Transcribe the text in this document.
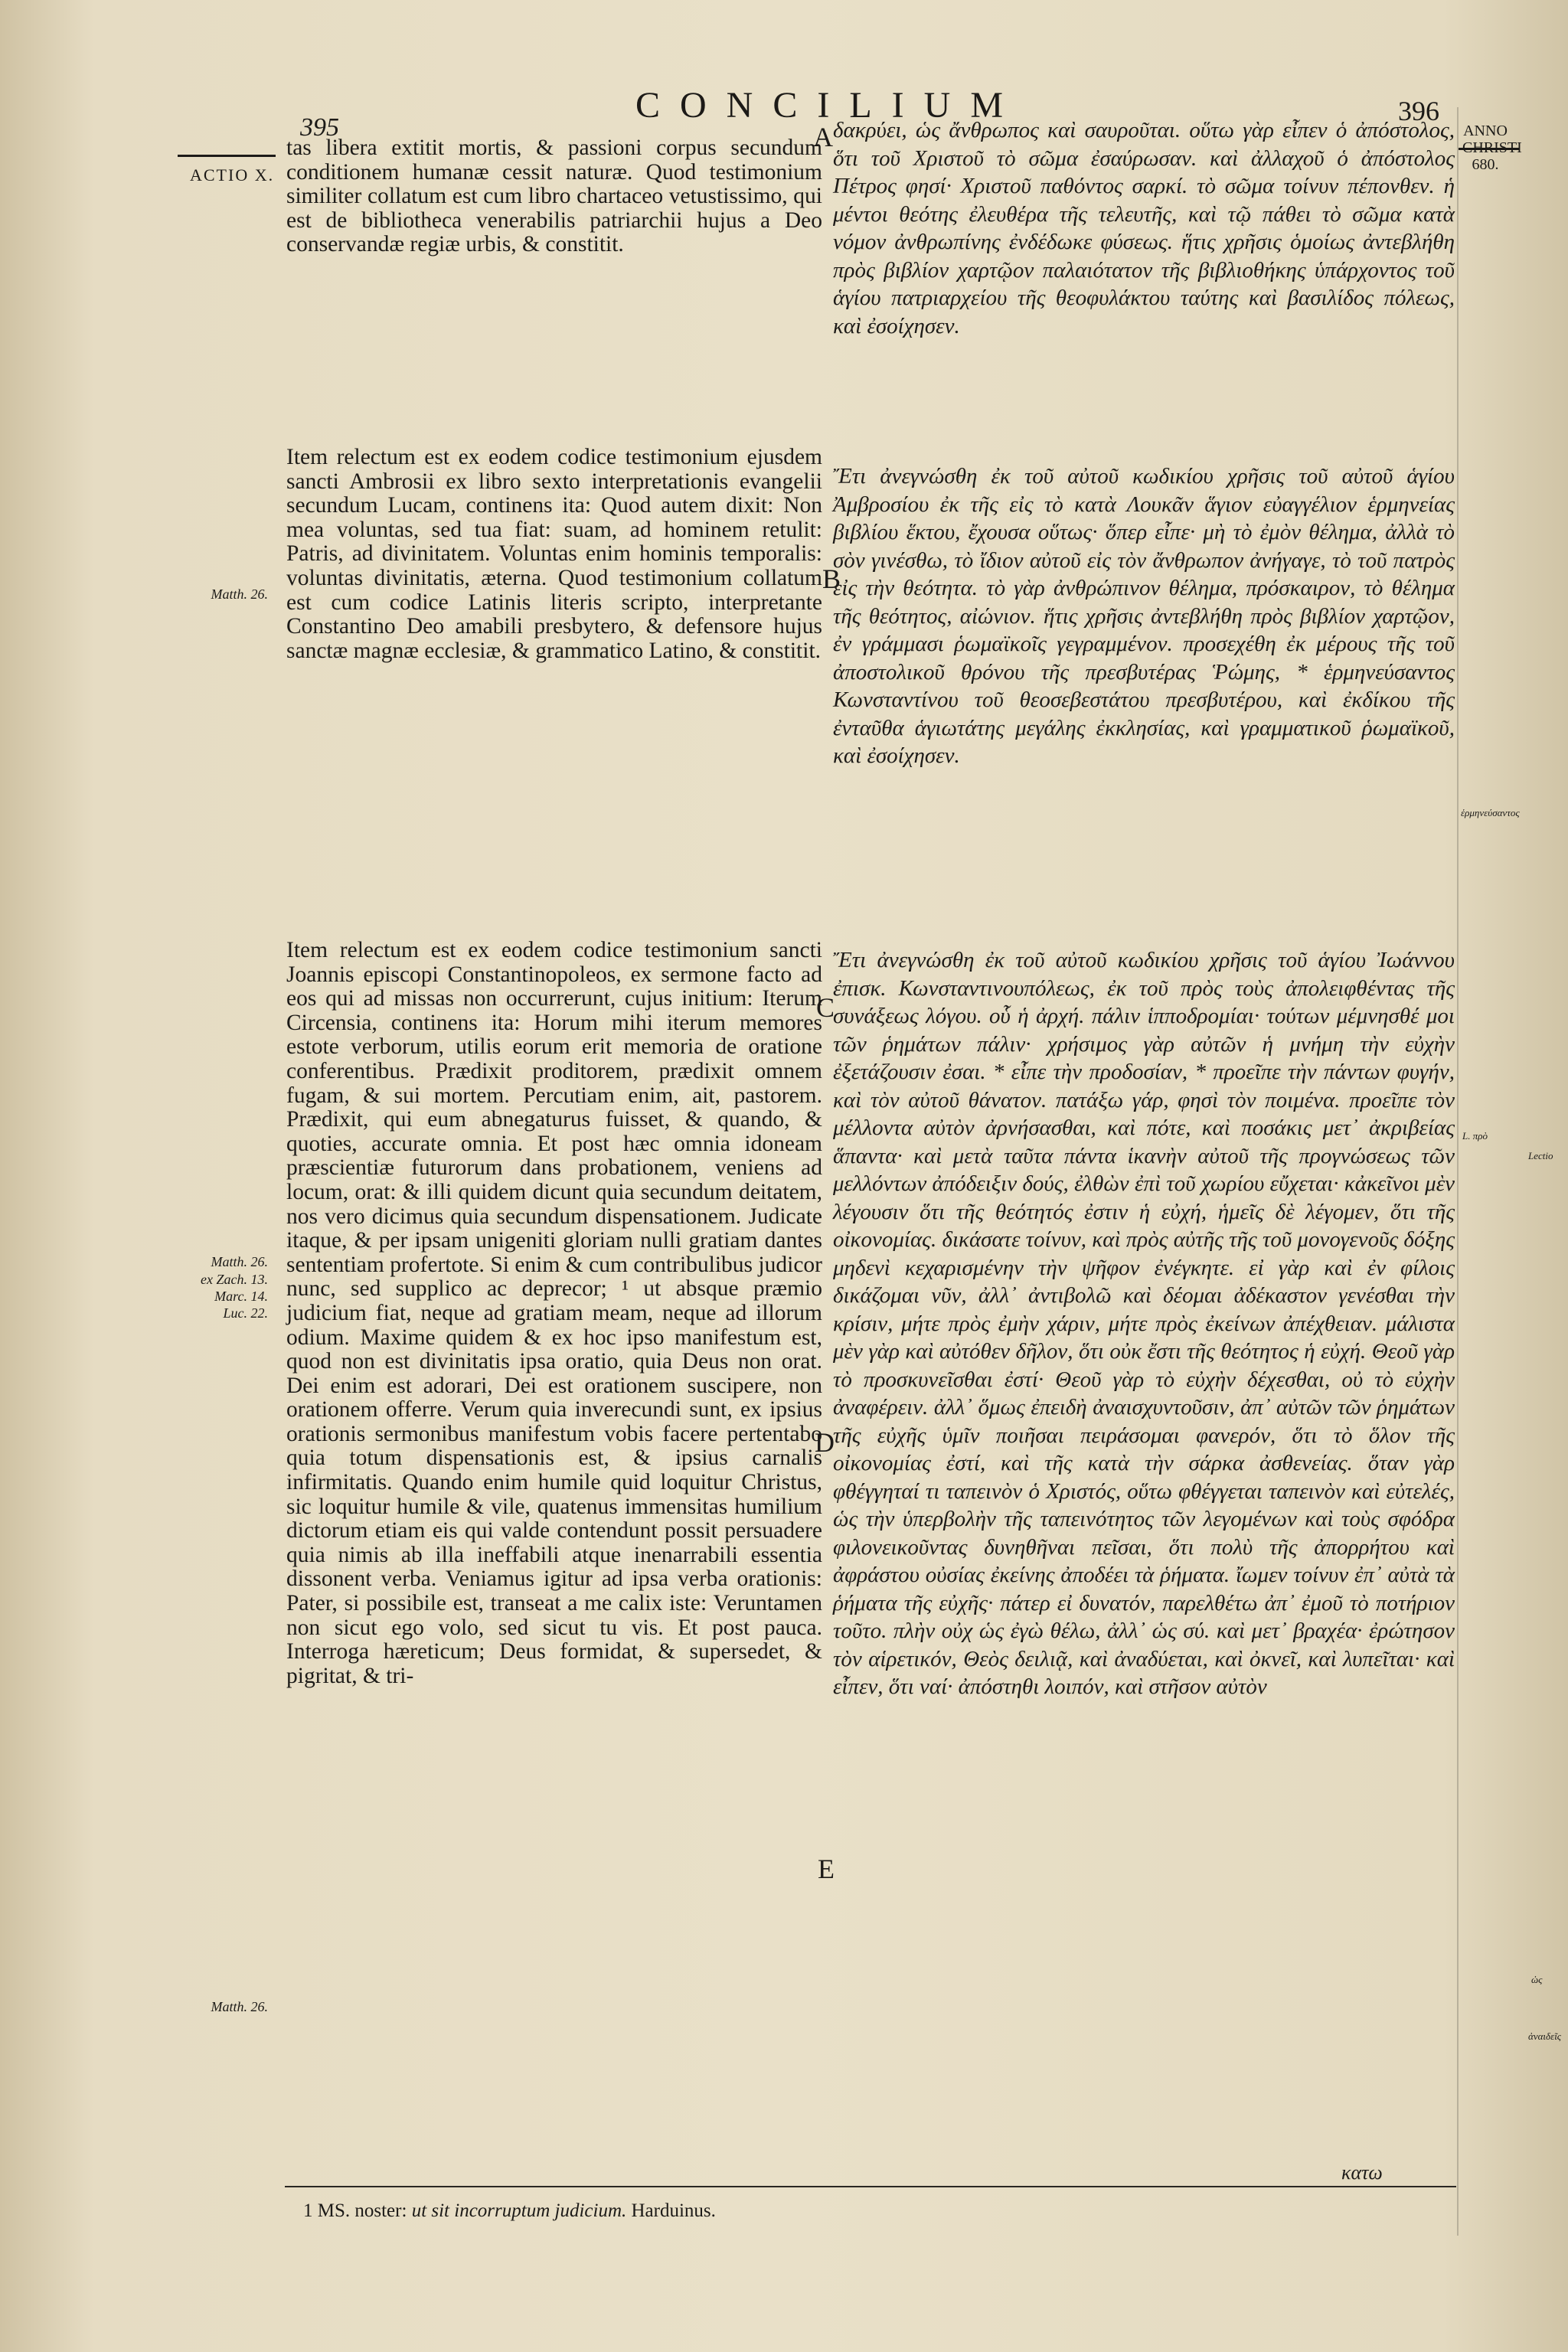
395
CONCILIUM	396
ACTIO X.
Matth. 26.
Matth. 26.
ex Zach. 13.
Marc. 14.
Luc. 22.
Matth. 26.

tas libera extitit mortis, & passioni corpus secundum conditionem humanæ cessit naturæ. Quod testimonium similiter collatum est cum libro chartaceo vetustissimo, qui est de bibliotheca venerabilis patriarchii hujus a Deo conservandæ regiæ urbis, & constitit.

Item relectum est ex eodem codice testimonium ejusdem sancti Ambrosii ex libro sexto interpretationis evangelii secundum Lucam, continens ita: Quod autem dixit: Non mea voluntas, sed tua fiat: suam, ad hominem retulit: Patris, ad divinitatem. Voluntas enim hominis temporalis: voluntas divinitatis, æterna. Quod testimonium collatum est cum codice Latinis literis scripto, interpretante Constantino Deo amabili presbytero, & defensore hujus sanctæ magnæ ecclesiæ, & grammatico Latino, & constitit.

Item relectum est ex eodem codice testimonium sancti Joannis episcopi Constantinopoleos, ex sermone facto ad eos qui ad missas non occurrerunt, cujus initium: Iterum Circensia, continens ita: Horum mihi iterum memores estote verborum, utilis eorum erit memoria de oratione conferentibus. Prædixit proditorem, prædixit omnem fugam, & sui mortem. Percutiam enim, ait, pastorem. Prædixit, qui eum abnegaturus fuisset, & quando, & quoties, accurate omnia. Et post hæc omnia idoneam præscientiæ futurorum dans probationem, veniens ad locum, orat: & illi quidem dicunt quia secundum deitatem, nos vero dicimus quia secundum dispensationem. Judicate itaque, & per ipsam unigeniti gloriam nulli gratiam dantes sententiam profertote. Si enim & cum contribulibus judicor nunc, sed supplico ac deprecor; ¹ ut absque præmio judicium fiat, neque ad gratiam meam, neque ad illorum odium. Maxime quidem & ex hoc ipso manifestum est, quod non est divinitatis ipsa oratio, quia Deus non orat. Dei enim est adorari, Dei est orationem suscipere, non orationem offerre. Verum quia inverecundi sunt, ex ipsius orationis sermonibus manifestum vobis facere pertentabo quia totum dispensationis est, & ipsius carnalis infirmitatis. Quando enim humile quid loquitur Christus, sic loquitur humile & vile, quatenus immensitas humilium dictorum etiam eis qui valde contendunt possit persuadere quia nimis ab illa ineffabili atque inenarrabili essentia dissonent verba. Veniamus igitur ad ipsa verba orationis: Pater, si possibile est, transeat a me calix iste: Veruntamen non sicut ego volo, sed sicut tu vis. Et post pauca. Interroga hæreticum; Deus formidat, & supersedet, & pigritat, & tri-

A
B
C
D
E

δακρύει, ὡς ἄνθρωπος καὶ σαυροῦται. οὕτω γὰρ εἶπεν ὁ ἀπόστολος, ὅτι τοῦ Χριστοῦ τὸ σῶμα ἐσαύρωσαν. καὶ ἀλλαχοῦ ὁ ἀπόστολος Πέτρος φησί· Χριστοῦ παθόντος σαρκί. τὸ σῶμα τοίνυν πέπονθεν. ἡ μέντοι θεότης ἐλευθέρα τῆς τελευτῆς, καὶ τῷ πάθει τὸ σῶμα κατὰ νόμον ἀνθρωπίνης ἐνδέδωκε φύσεως. ἥτις χρῆσις ὁμοίως ἀντεβλήθη πρὸς βιβλίον χαρτῷον παλαιότατον τῆς βιβλιοθήκης ὑπάρχοντος τοῦ ἁγίου πατριαρχείου τῆς θεοφυλάκτου ταύτης καὶ βασιλίδος πόλεως, καὶ ἐσοίχησεν.

Ἔτι ἀνεγνώσθη ἐκ τοῦ αὐτοῦ κωδικίου χρῆσις τοῦ αὐτοῦ ἁγίου Ἀμβροσίου ἐκ τῆς εἰς τὸ κατὰ Λουκᾶν ἅγιον εὐαγγέλιον ἑρμηνείας βιβλίου ἕκτου, ἔχουσα οὕτως· ὅπερ εἶπε· μὴ τὸ ἐμὸν θέλημα, ἀλλὰ τὸ σὸν γινέσθω, τὸ ἴδιον αὐτοῦ εἰς τὸν ἄνθρωπον ἀνήγαγε, τὸ τοῦ πατρὸς εἰς τὴν θεότητα. τὸ γὰρ ἀνθρώπινον θέλημα, πρόσκαιρον, τὸ θέλημα τῆς θεότητος, αἰώνιον. ἥτις χρῆσις ἀντεβλήθη πρὸς βιβλίον χαρτῷον, ἐν γράμμασι ῥωμαϊκοῖς γεγραμμένον. προσεχέθη ἐκ μέρους τῆς τοῦ ἀποστολικοῦ θρόνου τῆς πρεσβυτέρας Ῥώμης, * ἑρμηνεύσαντος Κωνσταντίνου τοῦ θεοσεβεστάτου πρεσβυτέρου, καὶ ἐκδίκου τῆς ἐνταῦθα ἁγιωτάτης μεγάλης ἐκκλησίας, καὶ γραμματικοῦ ῥωμαϊκοῦ, καὶ ἐσοίχησεν.

Ἔτι ἀνεγνώσθη ἐκ τοῦ αὐτοῦ κωδικίου χρῆσις τοῦ ἁγίου Ἰωάννου ἐπισκ. Κωνσταντινουπόλεως, ἐκ τοῦ πρὸς τοὺς ἀπολειφθέντας τῆς συνάξεως λόγου. οὗ ἡ ἀρχή. πάλιν ἱπποδρομίαι· τούτων μέμνησθέ μοι τῶν ῥημάτων πάλιν· χρήσιμος γὰρ αὐτῶν ἡ μνήμη τὴν εὐχὴν ἐξετάζουσιν ἐσαι. * εἶπε τὴν προδοσίαν, * προεῖπε τὴν πάντων φυγήν, καὶ τὸν αὐτοῦ θάνατον. πατάξω γάρ, φησὶ τὸν ποιμένα. προεῖπε τὸν μέλλοντα αὐτὸν ἀρνήσασθαι, καὶ πότε, καὶ ποσάκις μετ᾽ ἀκριβείας ἅπαντα· καὶ μετὰ ταῦτα πάντα ἱκανὴν αὐτοῦ τῆς προγνώσεως τῶν μελλόντων ἀπόδειξιν δούς, ἐλθὼν ἐπὶ τοῦ χωρίου εὔχεται· κἀκεῖνοι μὲν λέγουσιν ὅτι τῆς θεότητός ἐστιν ἡ εὐχή, ἡμεῖς δὲ λέγομεν, ὅτι τῆς οἰκονομίας. δικάσατε τοίνυν, καὶ πρὸς αὐτῆς τῆς τοῦ μονογενοῦς δόξης μηδενὶ κεχαρισμένην τὴν ψῆφον ἐνέγκητε. εἰ γὰρ καὶ ἐν φίλοις δικάζομαι νῦν, ἀλλ᾽ ἀντιβολῶ καὶ δέομαι ἀδέκαστον γενέσθαι τὴν κρίσιν, μήτε πρὸς ἐμὴν χάριν, μήτε πρὸς ἐκείνων ἀπέχθειαν. μάλιστα μὲν γὰρ καὶ αὐτόθεν δῆλον, ὅτι οὐκ ἔστι τῆς θεότητος ἡ εὐχή. Θεοῦ γὰρ τὸ προσκυνεῖσθαι ἐστί· Θεοῦ γὰρ τὸ εὐχὴν δέχεσθαι, οὐ τὸ εὐχὴν ἀναφέρειν. ἀλλ᾽ ὅμως ἐπειδὴ ἀναισχυντοῦσιν, ἀπ᾽ αὐτῶν τῶν ῥημάτων τῆς εὐχῆς ὑμῖν ποιῆσαι πειράσομαι φανερόν, ὅτι τὸ ὅλον τῆς οἰκονομίας ἐστί, καὶ τῆς κατὰ τὴν σάρκα ἀσθενείας. ὅταν γὰρ φθέγγηταί τι ταπεινὸν ὁ Χριστός, οὕτω φθέγγεται ταπεινὸν καὶ εὐτελές, ὡς τὴν ὑπερβολὴν τῆς ταπεινότητος τῶν λεγομένων καὶ τοὺς σφόδρα φιλονεικοῦντας δυνηθῆναι πεῖσαι, ὅτι πολὺ τῆς ἀπορρήτου καὶ ἀφράστου οὐσίας ἐκείνης ἀποδέει τὰ ῥήματα. ἴωμεν τοίνυν ἐπ᾽ αὐτὰ τὰ ῥήματα τῆς εὐχῆς· πάτερ εἰ δυνατόν, παρελθέτω ἀπ᾽ ἐμοῦ τὸ ποτήριον τοῦτο. πλὴν οὐχ ὡς ἐγὼ θέλω, ἀλλ᾽ ὡς σύ. καὶ μετ᾽ βραχέα· ἐρώτησον τὸν αἱρετικόν, Θεὸς δειλιᾷ, καὶ ἀναδύεται, καὶ ὀκνεῖ, καὶ λυπεῖται· καὶ εἶπεν, ὅτι ναί· ἀπόστηθι λοιπόν, καὶ στῆσον αὐτὸν

ANNO CHRISTI 680.
ἑρμηνεύσαντος
L. πρὸ
Lectio
ὡς
ἀναιδεῖς
κατω
1 MS. noster: ut sit incorruptum judicium. Harduinus.
